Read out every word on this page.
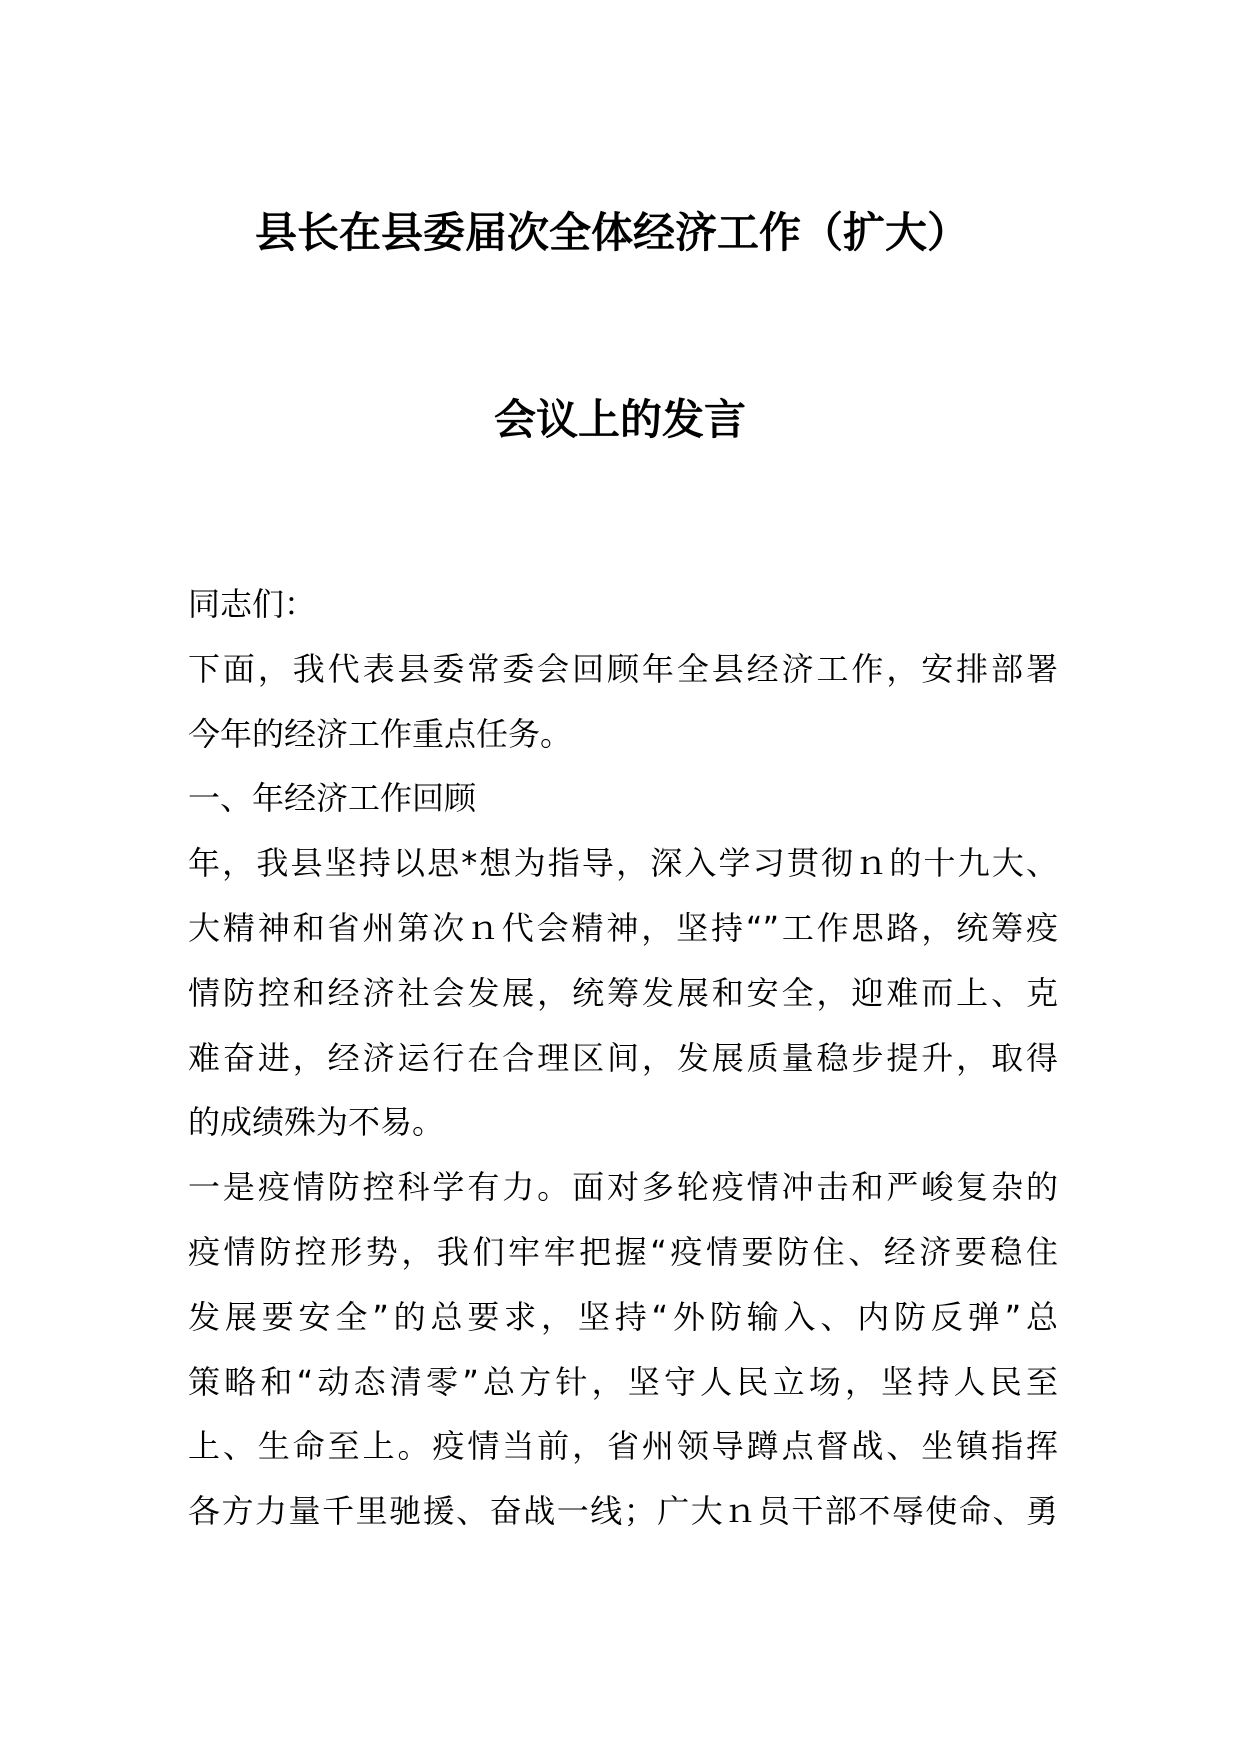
县长在县委届次全体经济工作（扩大）
会议上的发言
同志们：
下面，我代表县委常委会回顾年全县经济工作，安排部署
今年的经济工作重点任务。
一、年经济工作回顾
年，我县坚持以思*想为指导，深入学习贯彻ｎ的十九大、
大精神和省州第次ｎ代会精神，坚持“”工作思路，统筹疫
情防控和经济社会发展，统筹发展和安全，迎难而上、克
难奋进，经济运行在合理区间，发展质量稳步提升，取得
的成绩殊为不易。
一是疫情防控科学有力。面对多轮疫情冲击和严峻复杂的
疫情防控形势，我们牢牢把握“疫情要防住、经济要稳住
发展要安全”的总要求，坚持“外防输入、内防反弹”总
策略和“动态清零”总方针，坚守人民立场，坚持人民至
上、生命至上。疫情当前，省州领导蹲点督战、坐镇指挥
各方力量千里驰援、奋战一线；广大ｎ员干部不辱使命、勇
